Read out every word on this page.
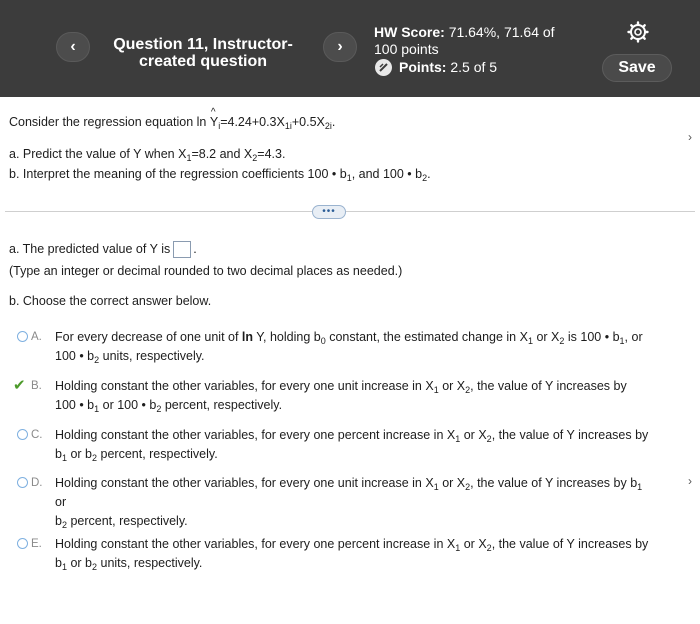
‹	Question 11, Instructor-
created question
›
HW Score: 71.64%, 71.64 of
100 points
Points:
2.5 of 5	Save
Consider the regression equation ln ^ $Y_i=4.24+0.3X_{1i}+0.5X_{2i}$.
a. Predict the value of Y when $X_1=8.2$ and $X_2=4.3$.
b. Interpret the meaning of the regression coefficients 100 • $b_1$, and 100 • $b_2$.
›
•••
a. The predicted value of Y is .
(Type an integer or decimal rounded to two decimal places as needed.)
b. Choose the correct answer below.
A. For every decrease of one unit of ln Y, holding $b_0$ constant, the estimated change in $X_1$ or $X_2$ is 100 • $b_1$, or
100 • $b_2$ units, respectively.
✔ B. Holding constant the other variables, for every one unit increase in $X_1$ or $X_2$, the value of Y increases by
100 • $b_1$ or 100 • $b_2$ percent, respectively.
C. Holding constant the other variables, for every one percent increase in $X_1$ or $X_2$, the value of Y increases by
$b_1$ or $b_2$ percent, respectively.
D. Holding constant the other variables, for every one unit increase in $X_1$ or $X_2$, the value of Y increases by $b_1$ or
$b_2$ percent, respectively.
E. Holding constant the other variables, for every one percent increase in $X_1$ or $X_2$, the value of Y increases by
$b_1$ or $b_2$ units, respectively.
›
